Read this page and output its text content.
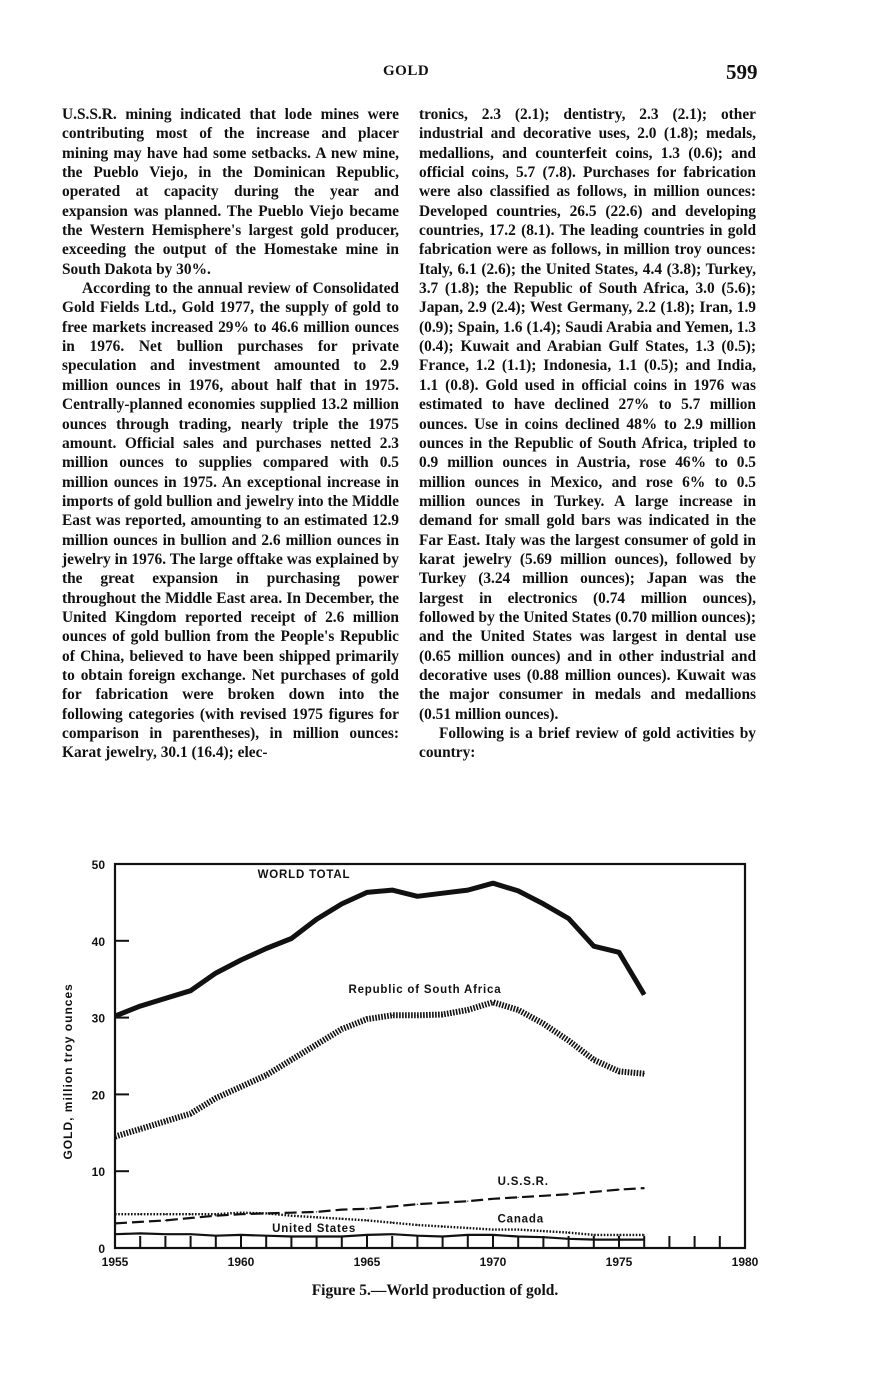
GOLD	599

U.S.S.R. mining indicated that lode mines were contributing most of the increase and placer mining may have had some setbacks. A new mine, the Pueblo Viejo, in the Dominican Republic, operated at capacity during the year and expansion was planned. The Pueblo Viejo became the Western Hemisphere's largest gold producer, exceeding the output of the Homestake mine in South Dakota by 30%.

According to the annual review of Consolidated Gold Fields Ltd., Gold 1977, the supply of gold to free markets increased 29% to 46.6 million ounces in 1976. Net bullion purchases for private speculation and investment amounted to 2.9 million ounces in 1976, about half that in 1975. Centrally-planned economies supplied 13.2 million ounces through trading, nearly triple the 1975 amount. Official sales and purchases netted 2.3 million ounces to supplies compared with 0.5 million ounces in 1975. An exceptional increase in imports of gold bullion and jewelry into the Middle East was reported, amounting to an estimated 12.9 million ounces in bullion and 2.6 million ounces in jewelry in 1976. The large offtake was explained by the great expansion in purchasing power throughout the Middle East area. In December, the United Kingdom reported receipt of 2.6 million ounces of gold bullion from the People's Republic of China, believed to have been shipped primarily to obtain foreign exchange. Net purchases of gold for fabrication were broken down into the following categories (with revised 1975 figures for comparison in parentheses), in million ounces: Karat jewelry, 30.1 (16.4); elec-

tronics, 2.3 (2.1); dentistry, 2.3 (2.1); other industrial and decorative uses, 2.0 (1.8); medals, medallions, and counterfeit coins, 1.3 (0.6); and official coins, 5.7 (7.8). Purchases for fabrication were also classified as follows, in million ounces: Developed countries, 26.5 (22.6) and developing countries, 17.2 (8.1). The leading countries in gold fabrication were as follows, in million troy ounces: Italy, 6.1 (2.6); the United States, 4.4 (3.8); Turkey, 3.7 (1.8); the Republic of South Africa, 3.0 (5.6); Japan, 2.9 (2.4); West Germany, 2.2 (1.8); Iran, 1.9 (0.9); Spain, 1.6 (1.4); Saudi Arabia and Yemen, 1.3 (0.4); Kuwait and Arabian Gulf States, 1.3 (0.5); France, 1.2 (1.1); Indonesia, 1.1 (0.5); and India, 1.1 (0.8). Gold used in official coins in 1976 was estimated to have declined 27% to 5.7 million ounces. Use in coins declined 48% to 2.9 million ounces in the Republic of South Africa, tripled to 0.9 million ounces in Austria, rose 46% to 0.5 million ounces in Mexico, and rose 6% to 0.5 million ounces in Turkey. A large increase in demand for small gold bars was indicated in the Far East. Italy was the largest consumer of gold in karat jewelry (5.69 million ounces), followed by Turkey (3.24 million ounces); Japan was the largest in electronics (0.74 million ounces), followed by the United States (0.70 million ounces); and the United States was largest in dental use (0.65 million ounces) and in other industrial and decorative uses (0.88 million ounces). Kuwait was the major consumer in medals and medallions (0.51 million ounces).

Following is a brief review of gold activities by country:

0
10
20
30
40
50
1955	1960	1965	1970	1975	1980
GOLD, million troy ounces
WORLD TOTAL
Republic of South Africa
U.S.S.R.
Canada
United States
Figure 5.—World production of gold.
